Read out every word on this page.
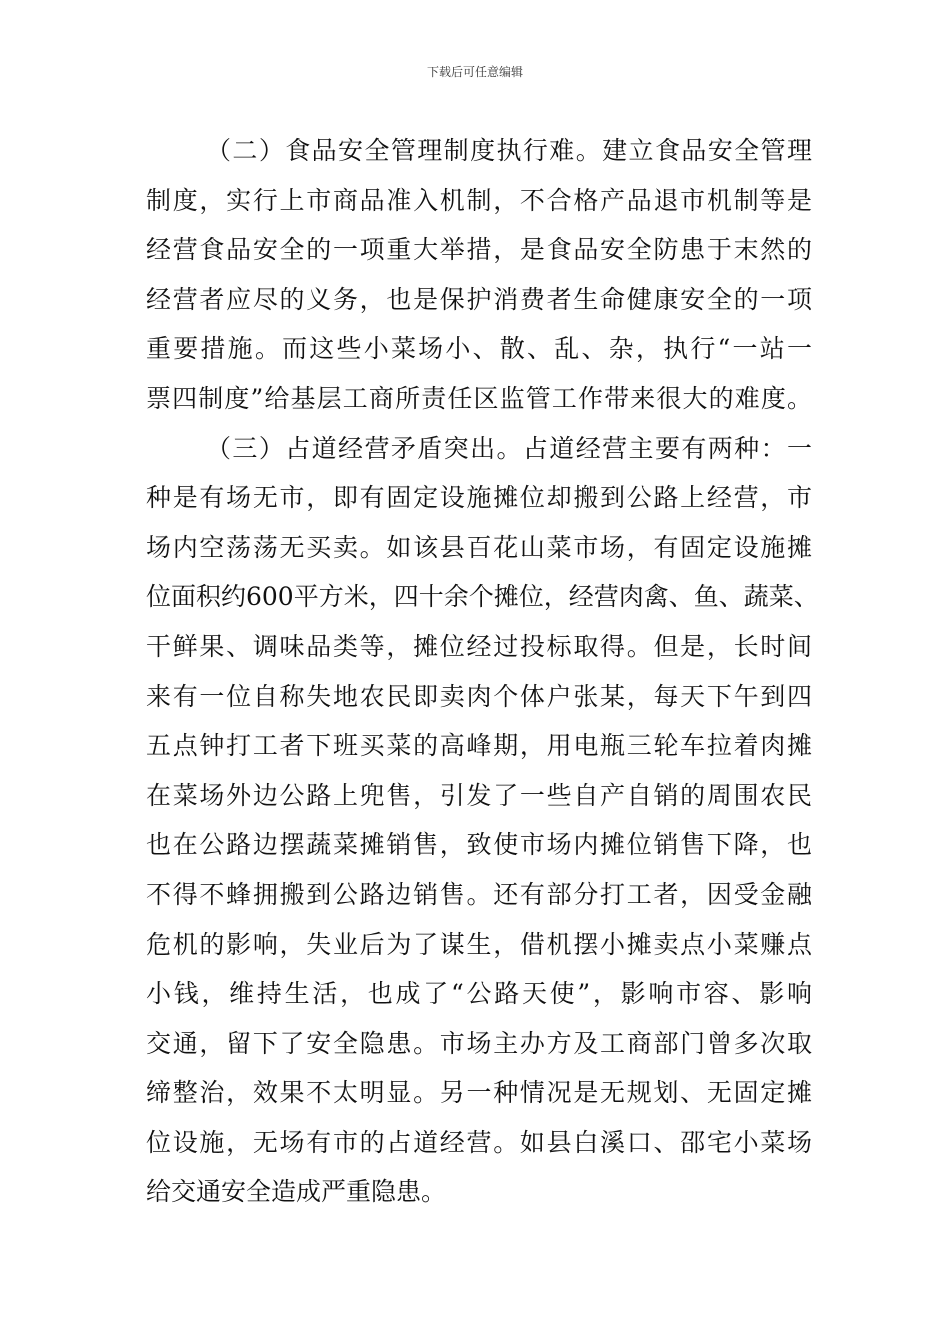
下载后可任意编辑
（二）食品安全管理制度执行难。建立食品安全管理
制度，实行上市商品准入机制，不合格产品退市机制等是
经营食品安全的一项重大举措，是食品安全防患于末然的
经营者应尽的义务，也是保护消费者生命健康安全的一项
重要措施。而这些小菜场小、散、乱、杂，执行“一站一
票四制度”给基层工商所责任区监管工作带来很大的难度。
（三）占道经营矛盾突出。占道经营主要有两种：一
种是有场无市，即有固定设施摊位却搬到公路上经营，市
场内空荡荡无买卖。如该县百花山菜市场，有固定设施摊
位面积约600平方米，四十余个摊位，经营肉禽、鱼、蔬菜、
干鲜果、调味品类等，摊位经过投标取得。但是，长时间
来有一位自称失地农民即卖肉个体户张某，每天下午到四
五点钟打工者下班买菜的高峰期，用电瓶三轮车拉着肉摊
在菜场外边公路上兜售，引发了一些自产自销的周围农民
也在公路边摆蔬菜摊销售，致使市场内摊位销售下降，也
不得不蜂拥搬到公路边销售。还有部分打工者，因受金融
危机的影响，失业后为了谋生，借机摆小摊卖点小菜赚点
小钱，维持生活，也成了“公路天使”，影响市容、影响
交通，留下了安全隐患。市场主办方及工商部门曾多次取
缔整治，效果不太明显。另一种情况是无规划、无固定摊
位设施，无场有市的占道经营。如县白溪口、邵宅小菜场
给交通安全造成严重隐患。
